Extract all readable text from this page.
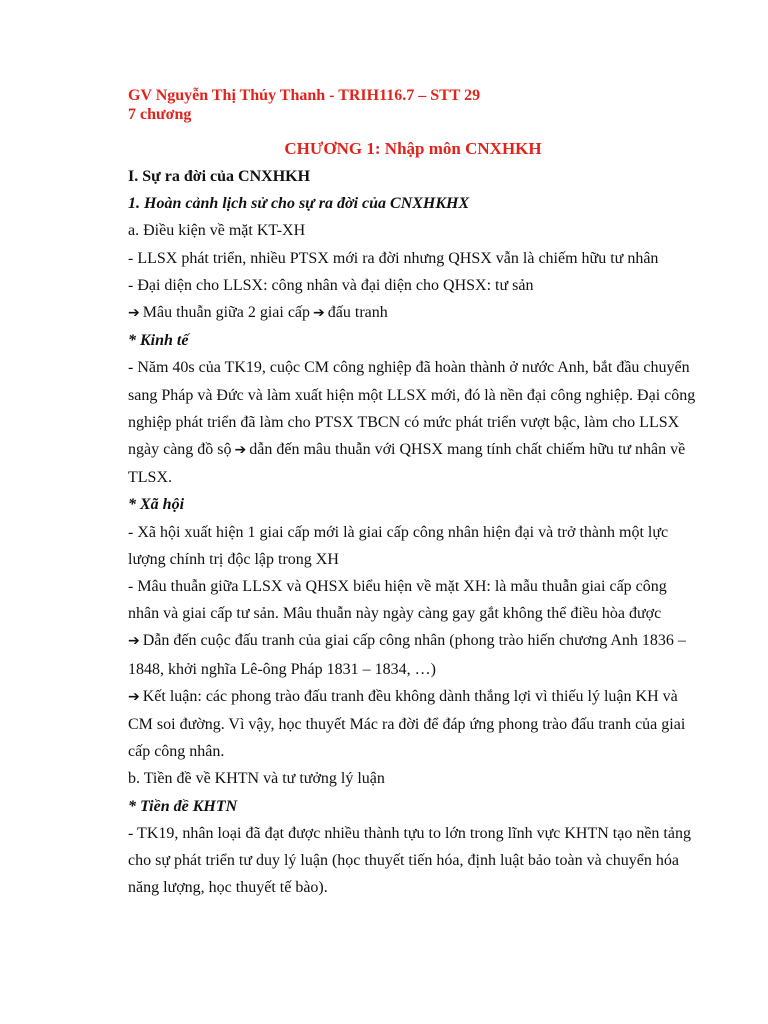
GV Nguyễn Thị Thúy Thanh - TRIH116.7 – STT 29
7 chương
CHƯƠNG 1: Nhập môn CNXHKH

I. Sự ra đời của CNXHKH

1. Hoàn cảnh lịch sử cho sự ra đời của CNXHKHX

a. Điều kiện về mặt KT-XH

- LLSX phát triển, nhiều PTSX mới ra đời nhưng QHSX vẫn là chiếm hữu tư nhân

- Đại diện cho LLSX: công nhân và đại diện cho QHSX: tư sản

➔ Mâu thuẫn giữa 2 giai cấp ➔ đấu tranh

* Kinh tế

- Năm 40s của TK19, cuộc CM công nghiệp đã hoàn thành ở nước Anh, bắt đầu chuyển sang Pháp và Đức và làm xuất hiện một LLSX mới, đó là nền đại công nghiệp. Đại công nghiệp phát triển đã làm cho PTSX TBCN có mức phát triển vượt bậc, làm cho LLSX ngày càng đồ sộ ➔ dẫn đến mâu thuẫn với QHSX mang tính chất chiếm hữu tư nhân về TLSX.

* Xã hội

- Xã hội xuất hiện 1 giai cấp mới là giai cấp công nhân hiện đại và trở thành một lực lượng chính trị độc lập trong XH

- Mâu thuẫn giữa LLSX và QHSX biểu hiện về mặt XH: là mẫu thuẫn giai cấp công nhân và giai cấp tư sản. Mâu thuẫn này ngày càng gay gắt không thể điều hòa được

➔ Dẫn đến cuộc đấu tranh của giai cấp công nhân (phong trào hiến chương Anh 1836 – 1848, khởi nghĩa Lê-ông Pháp 1831 – 1834, …)

➔ Kết luận: các phong trào đấu tranh đều không dành thắng lợi vì thiếu lý luận KH và CM soi đường. Vì vậy, học thuyết Mác ra đời để đáp ứng phong trào đấu tranh của giai cấp công nhân.

b. Tiền đề về KHTN và tư tưởng lý luận

* Tiền đề KHTN

- TK19, nhân loại đã đạt được nhiều thành tựu to lớn trong lĩnh vực KHTN tạo nền tảng cho sự phát triển tư duy lý luận (học thuyết tiến hóa, định luật bảo toàn và chuyển hóa năng lượng, học thuyết tế bào).
